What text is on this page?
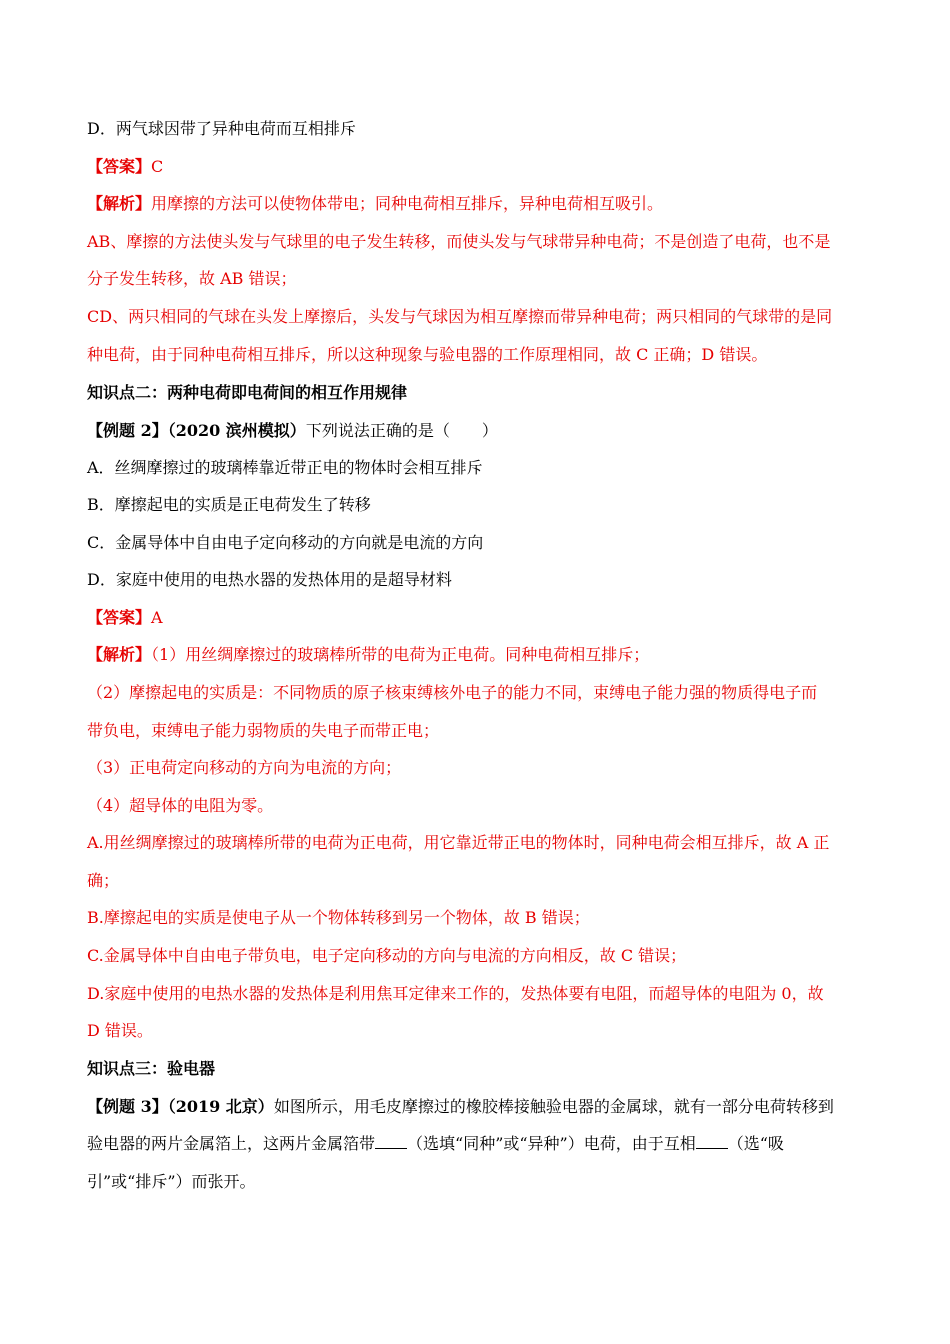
D．两气球因带了异种电荷而互相排斥
【答案】C
【解析】用摩擦的方法可以使物体带电；同种电荷相互排斥，异种电荷相互吸引。
AB、摩擦的方法使头发与气球里的电子发生转移，而使头发与气球带异种电荷；不是创造了电荷，也不是
分子发生转移，故 AB 错误；
CD、两只相同的气球在头发上摩擦后，头发与气球因为相互摩擦而带异种电荷；两只相同的气球带的是同
种电荷，由于同种电荷相互排斥，所以这种现象与验电器的工作原理相同，故 C 正确；D 错误。
知识点二：两种电荷即电荷间的相互作用规律
【例题 2】（2020 滨州模拟）下列说法正确的是（　　）
A．丝绸摩擦过的玻璃棒靠近带正电的物体时会相互排斥
B．摩擦起电的实质是正电荷发生了转移
C．金属导体中自由电子定向移动的方向就是电流的方向
D．家庭中使用的电热水器的发热体用的是超导材料
【答案】A
【解析】（1）用丝绸摩擦过的玻璃棒所带的电荷为正电荷。同种电荷相互排斥；
（2）摩擦起电的实质是：不同物质的原子核束缚核外电子的能力不同，束缚电子能力强的物质得电子而
带负电，束缚电子能力弱物质的失电子而带正电；
（3）正电荷定向移动的方向为电流的方向；
（4）超导体的电阻为零。
A.用丝绸摩擦过的玻璃棒所带的电荷为正电荷，用它靠近带正电的物体时，同种电荷会相互排斥，故 A 正
确；
B.摩擦起电的实质是使电子从一个物体转移到另一个物体，故 B 错误；
C.金属导体中自由电子带负电，电子定向移动的方向与电流的方向相反，故 C 错误；
D.家庭中使用的电热水器的发热体是利用焦耳定律来工作的，发热体要有电阻，而超导体的电阻为 0，故
D 错误。
知识点三：验电器
【例题 3】（2019 北京）如图所示，用毛皮摩擦过的橡胶棒接触验电器的金属球，就有一部分电荷转移到
验电器的两片金属箔上，这两片金属箔带 （选填“同种”或“异种”）电荷，由于互相 （选“吸
引”或“排斥”）而张开。
